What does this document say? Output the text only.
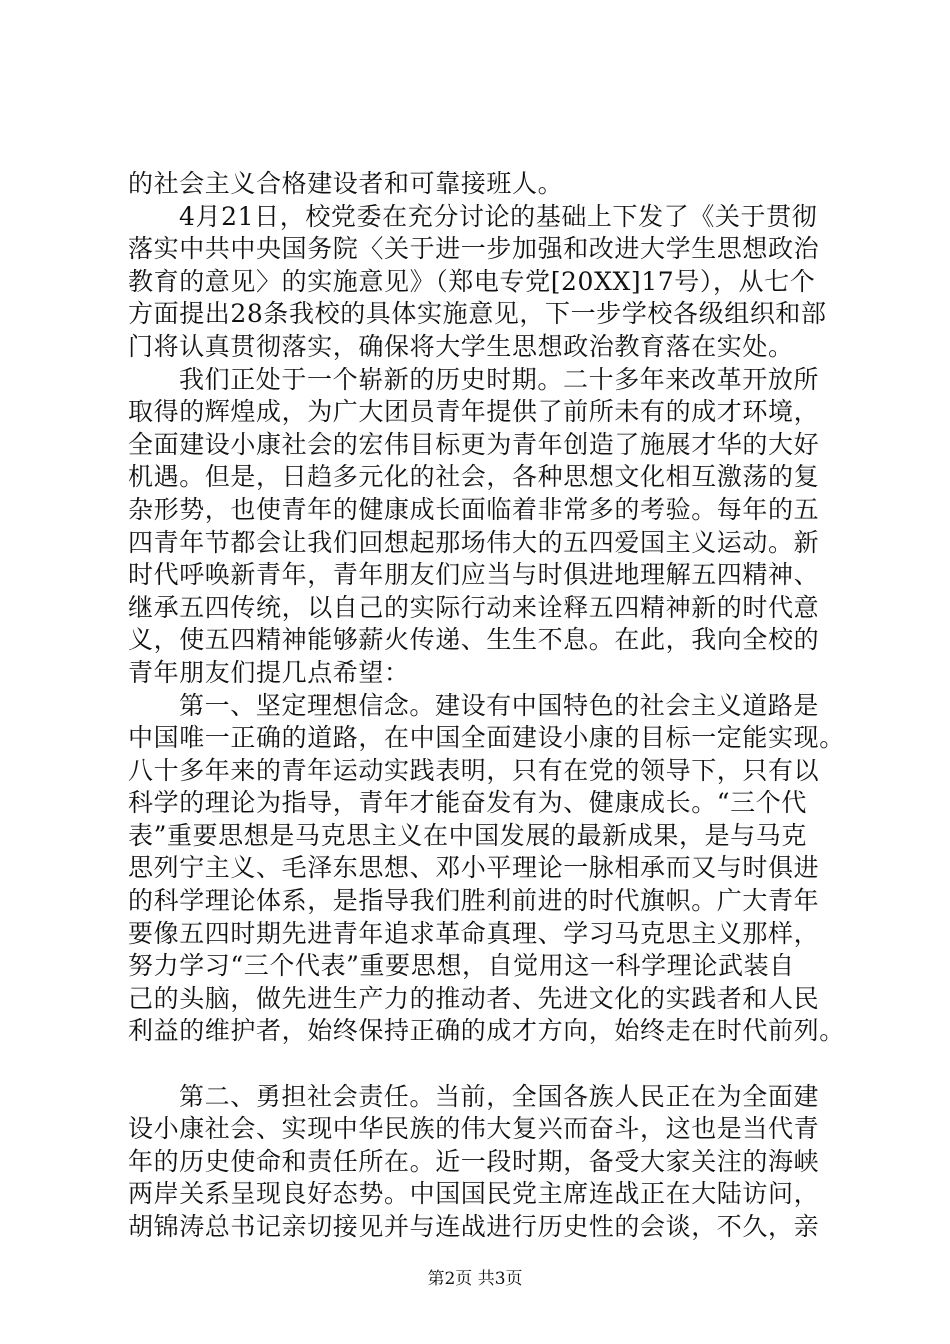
的社会主义合格建设者和可靠接班人。
4月21日，校党委在充分讨论的基础上下发了《关于贯彻
落实中共中央国务院〈关于进一步加强和改进大学生思想政治
教育的意见〉的实施意见》（郑电专党[20XX]17号），从七个
方面提出28条我校的具体实施意见，下一步学校各级组织和部
门将认真贯彻落实，确保将大学生思想政治教育落在实处。
我们正处于一个崭新的历史时期。二十多年来改革开放所
取得的辉煌成，为广大团员青年提供了前所未有的成才环境，
全面建设小康社会的宏伟目标更为青年创造了施展才华的大好
机遇。但是，日趋多元化的社会，各种思想文化相互激荡的复
杂形势，也使青年的健康成长面临着非常多的考验。每年的五
四青年节都会让我们回想起那场伟大的五四爱国主义运动。新
时代呼唤新青年，青年朋友们应当与时俱进地理解五四精神、
继承五四传统，以自己的实际行动来诠释五四精神新的时代意
义，使五四精神能够薪火传递、生生不息。在此，我向全校的
青年朋友们提几点希望：
第一、坚定理想信念。建设有中国特色的社会主义道路是
中国唯一正确的道路，在中国全面建设小康的目标一定能实现。
八十多年来的青年运动实践表明，只有在党的领导下，只有以
科学的理论为指导，青年才能奋发有为、健康成长。“三个代
表”重要思想是马克思主义在中国发展的最新成果，是与马克
思列宁主义、毛泽东思想、邓小平理论一脉相承而又与时俱进
的科学理论体系，是指导我们胜利前进的时代旗帜。广大青年
要像五四时期先进青年追求革命真理、学习马克思主义那样，
努力学习“三个代表”重要思想，自觉用这一科学理论武装自
己的头脑，做先进生产力的推动者、先进文化的实践者和人民
利益的维护者，始终保持正确的成才方向，始终走在时代前列。
第二、勇担社会责任。当前，全国各族人民正在为全面建
设小康社会、实现中华民族的伟大复兴而奋斗，这也是当代青
年的历史使命和责任所在。近一段时期，备受大家关注的海峡
两岸关系呈现良好态势。中国国民党主席连战正在大陆访问，
胡锦涛总书记亲切接见并与连战进行历史性的会谈，不久，亲
第2页 共3页
